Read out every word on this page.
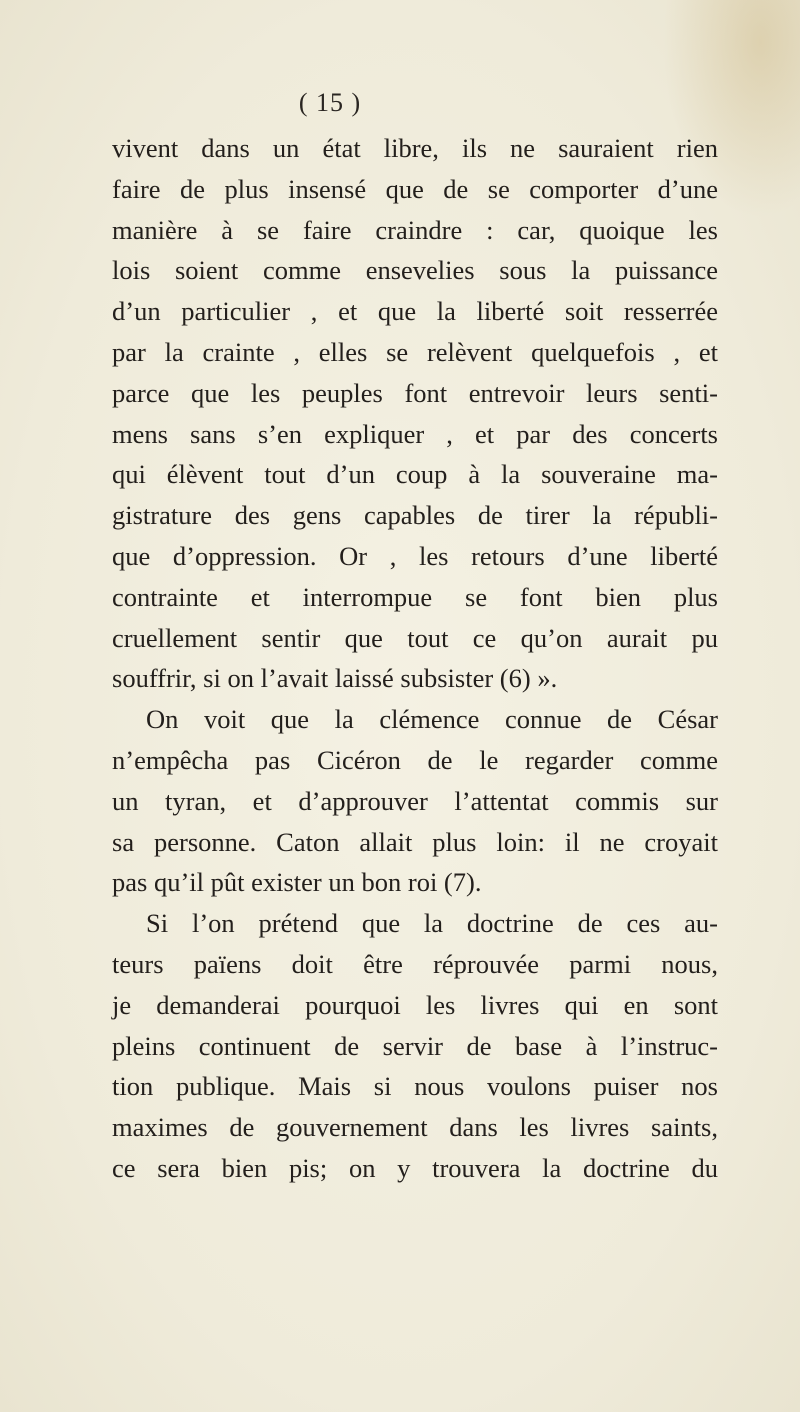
( 15 )
vivent dans un état libre, ils ne sauraient rien
faire de plus insensé que de se comporter d’une
manière à se faire craindre : car, quoique les
lois soient comme ensevelies sous la puissance
d’un particulier , et que la liberté soit resserrée
par la crainte , elles se relèvent quelquefois , et
parce que les peuples font entrevoir leurs senti-
mens sans s’en expliquer , et par des concerts
qui élèvent tout d’un coup à la souveraine ma-
gistrature des gens capables de tirer la républi-
que d’oppression. Or , les retours d’une liberté
contrainte et interrompue se font bien plus
cruellement sentir que tout ce qu’on aurait pu
souffrir, si on l’avait laissé subsister (6) ».
On voit que la clémence connue de César
n’empêcha pas Cicéron de le regarder comme
un tyran, et d’approuver l’attentat commis sur
sa personne. Caton allait plus loin: il ne croyait
pas qu’il pût exister un bon roi (7).
Si l’on prétend que la doctrine de ces au-
teurs païens doit être réprouvée parmi nous,
je demanderai pourquoi les livres qui en sont
pleins continuent de servir de base à l’instruc-
tion publique. Mais si nous voulons puiser nos
maximes de gouvernement dans les livres saints,
ce sera bien pis; on y trouvera la doctrine du
